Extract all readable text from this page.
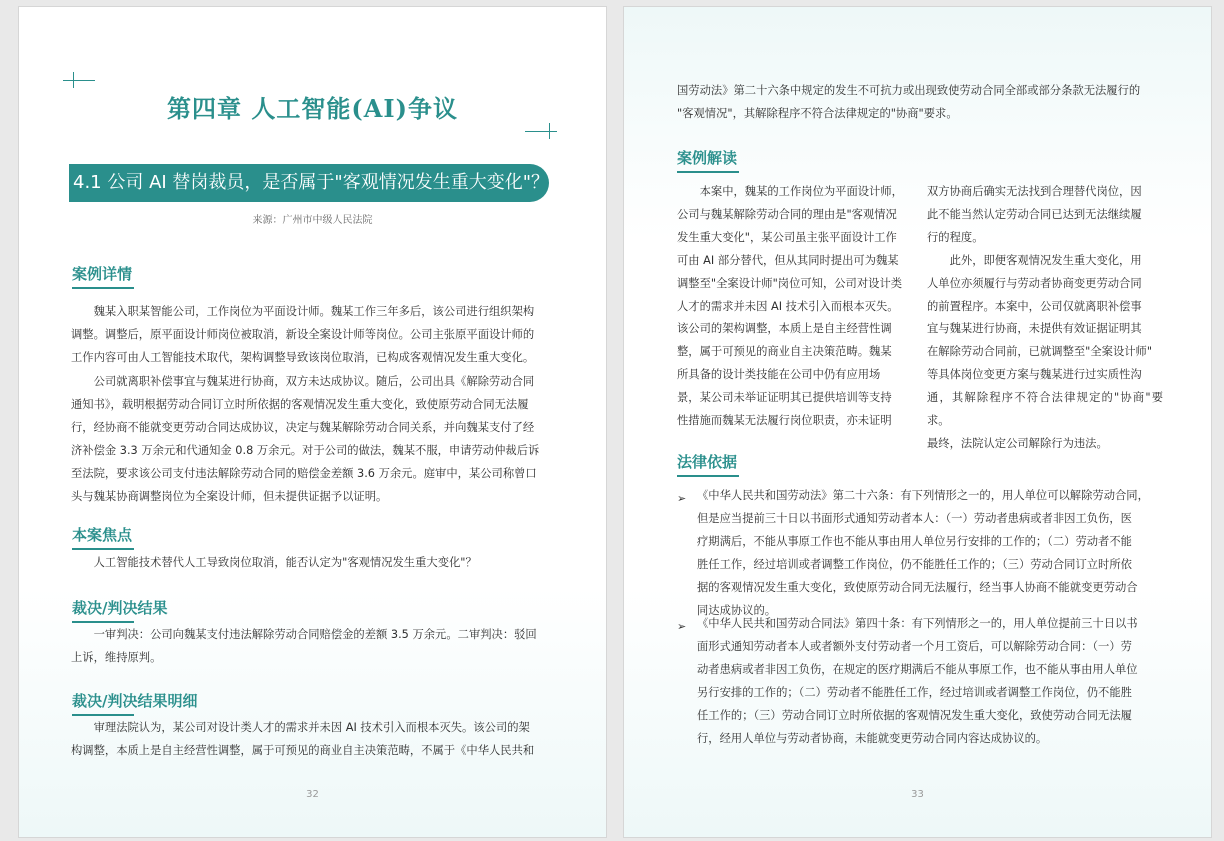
第四章 人工智能(AI)争议
4.1 公司 AI 替岗裁员，是否属于"客观情况发生重大变化"？
来源：广州市中级人民法院
案例详情
　　魏某入职某智能公司，工作岗位为平面设计师。魏某工作三年多后，该公司进行组织架构
调整。调整后，原平面设计师岗位被取消，新设全案设计师等岗位。公司主张原平面设计师的
工作内容可由人工智能技术取代，架构调整导致该岗位取消，已构成客观情况发生重大变化。
　　公司就离职补偿事宜与魏某进行协商，双方未达成协议。随后，公司出具《解除劳动合同
通知书》，载明根据劳动合同订立时所依据的客观情况发生重大变化，致使原劳动合同无法履
行，经协商不能就变更劳动合同达成协议，决定与魏某解除劳动合同关系，并向魏某支付了经
济补偿金 3.3 万余元和代通知金 0.8 万余元。对于公司的做法，魏某不服，申请劳动仲裁后诉
至法院，要求该公司支付违法解除劳动合同的赔偿金差额 3.6 万余元。庭审中，某公司称曾口
头与魏某协商调整岗位为全案设计师，但未提供证据予以证明。
本案焦点
　　人工智能技术替代人工导致岗位取消，能否认定为"客观情况发生重大变化"？
裁决/判决结果
　　一审判决：公司向魏某支付违法解除劳动合同赔偿金的差额 3.5 万余元。二审判决：驳回
上诉，维持原判。
裁决/判决结果明细
　　审理法院认为，某公司对设计类人才的需求并未因 AI 技术引入而根本灭失。该公司的架
构调整，本质上是自主经营性调整，属于可预见的商业自主决策范畴，不属于《中华人民共和
32
国劳动法》第二十六条中规定的发生不可抗力或出现致使劳动合同全部或部分条款无法履行的
"客观情况"，其解除程序不符合法律规定的"协商"要求。
案例解读
　　本案中，魏某的工作岗位为平面设计师，
公司与魏某解除劳动合同的理由是"客观情况
发生重大变化"，某公司虽主张平面设计工作
可由 AI 部分替代，但从其同时提出可为魏某
调整至"全案设计师"岗位可知，公司对设计类
人才的需求并未因 AI 技术引入而根本灭失。
该公司的架构调整，本质上是自主经营性调
整，属于可预见的商业自主决策范畴。魏某
所具备的设计类技能在公司中仍有应用场
景，某公司未举证证明其已提供培训等支持
性措施而魏某无法履行岗位职责，亦未证明
双方协商后确实无法找到合理替代岗位，因
此不能当然认定劳动合同已达到无法继续履
行的程度。
　　此外，即便客观情况发生重大变化，用
人单位亦须履行与劳动者协商变更劳动合同
的前置程序。本案中，公司仅就离职补偿事
宜与魏某进行协商，未提供有效证据证明其
在解除劳动合同前，已就调整至"全案设计师"
等具体岗位变更方案与魏某进行过实质性沟
通，其解除程序不符合法律规定的"协商"要求。
最终，法院认定公司解除行为违法。
法律依据
➢ 《中华人民共和国劳动法》第二十六条：有下列情形之一的，用人单位可以解除劳动合同，
但是应当提前三十日以书面形式通知劳动者本人：（一）劳动者患病或者非因工负伤，医
疗期满后，不能从事原工作也不能从事由用人单位另行安排的工作的；（二）劳动者不能
胜任工作，经过培训或者调整工作岗位，仍不能胜任工作的；（三）劳动合同订立时所依
据的客观情况发生重大变化，致使原劳动合同无法履行，经当事人协商不能就变更劳动合
同达成协议的。
➢ 《中华人民共和国劳动合同法》第四十条：有下列情形之一的，用人单位提前三十日以书
面形式通知劳动者本人或者额外支付劳动者一个月工资后，可以解除劳动合同：（一）劳
动者患病或者非因工负伤，在规定的医疗期满后不能从事原工作，也不能从事由用人单位
另行安排的工作的；（二）劳动者不能胜任工作，经过培训或者调整工作岗位，仍不能胜
任工作的；（三）劳动合同订立时所依据的客观情况发生重大变化，致使劳动合同无法履
行，经用人单位与劳动者协商，未能就变更劳动合同内容达成协议的。
33
